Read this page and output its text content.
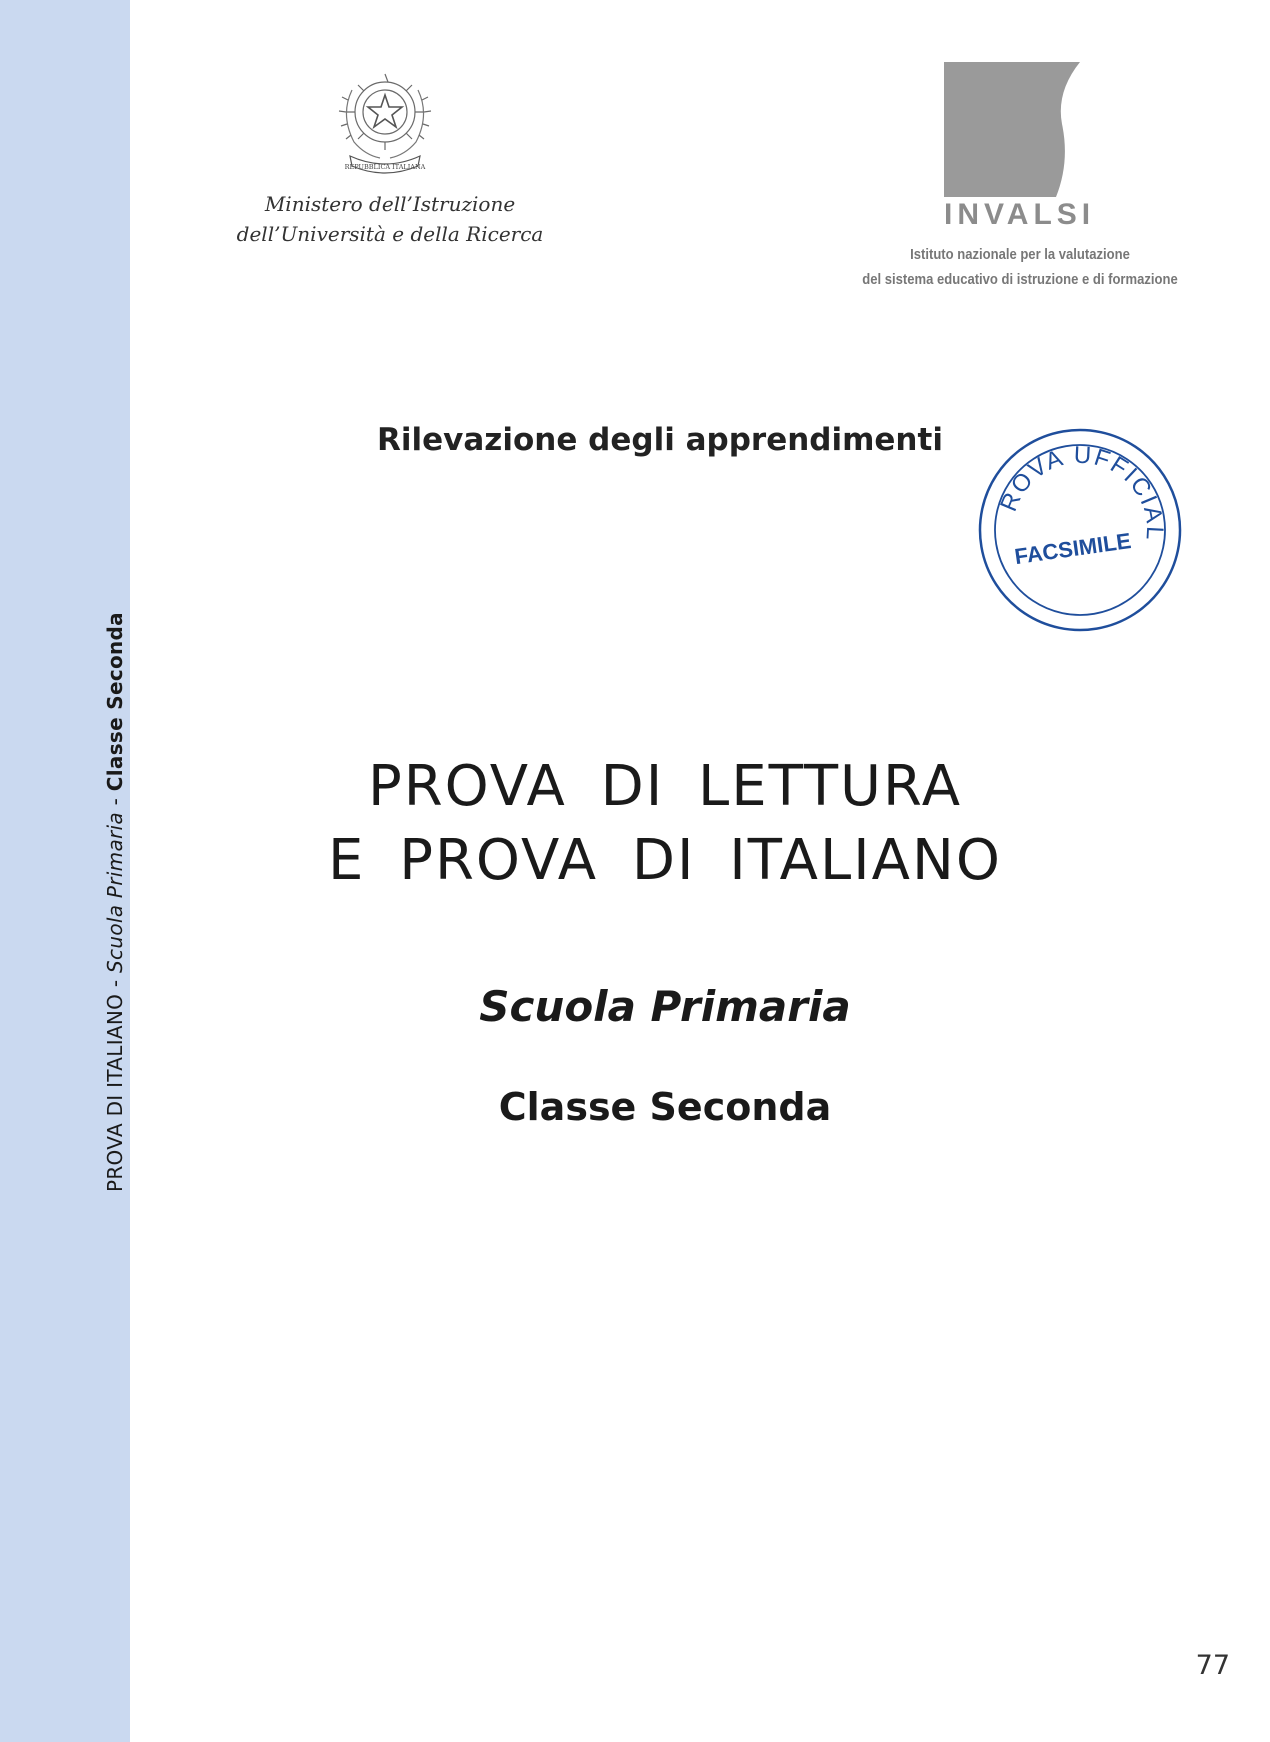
PROVA DI ITALIANO - Scuola Primaria - Classe Seconda
REPUBBLICA ITALIANA
Ministero dell’Istruzione
dell’Università e della Ricerca
INVALSI
Istituto nazionale per la valutazione
del sistema educativo di istruzione e di formazione
Rilevazione degli apprendimenti
PROVA UFFICIALE
FACSIMILE
PROVA DI LETTURA
E PROVA DI ITALIANO
Scuola Primaria
Classe Seconda
77
